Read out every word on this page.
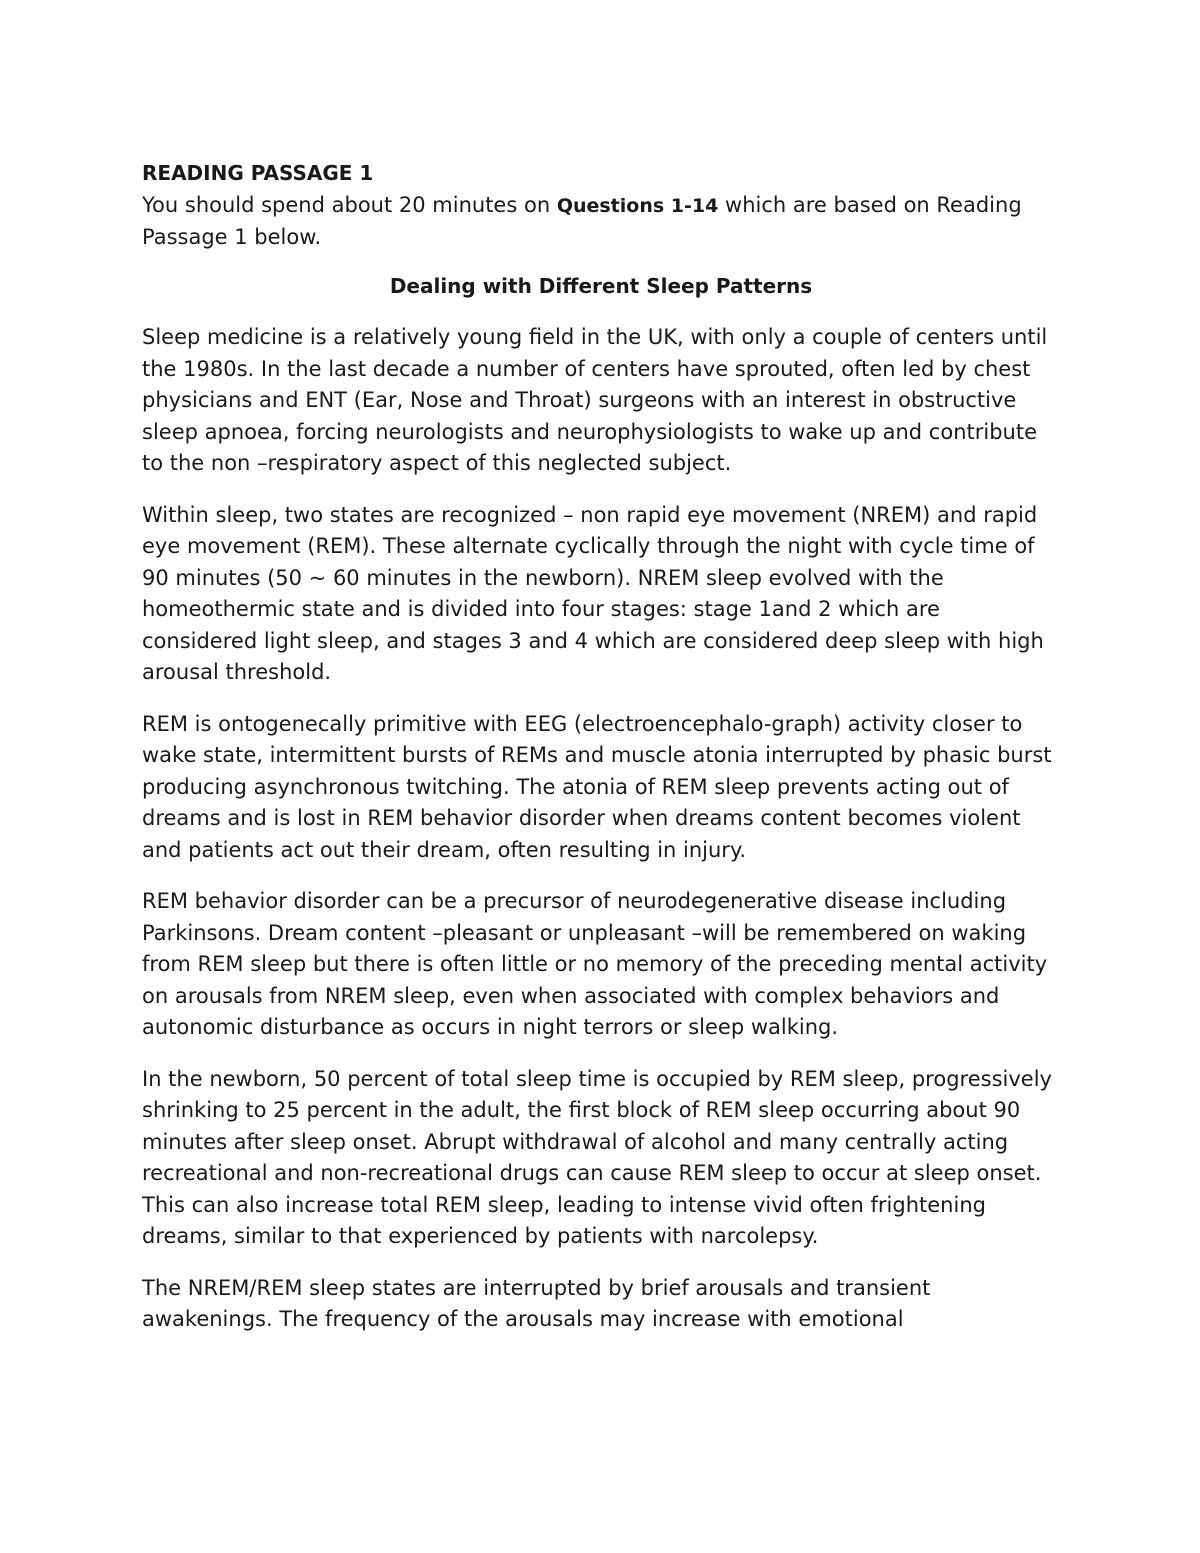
READING PASSAGE 1

You should spend about 20 minutes on Questions 1-14 which are based on Reading Passage 1 below.

Dealing with Different Sleep Patterns

Sleep medicine is a relatively young field in the UK, with only a couple of centers until the 1980s. In the last decade a number of centers have sprouted, often led by chest physicians and ENT (Ear, Nose and Throat) surgeons with an interest in obstructive sleep apnoea, forcing neurologists and neurophysiologists to wake up and contribute to the non –respiratory aspect of this neglected subject.

Within sleep, two states are recognized – non rapid eye movement (NREM) and rapid eye movement (REM). These alternate cyclically through the night with cycle time of 90 minutes (50 ~ 60 minutes in the newborn). NREM sleep evolved with the homeothermic state and is divided into four stages: stage 1and 2 which are considered light sleep, and stages 3 and 4 which are considered deep sleep with high arousal threshold.

REM is ontogenecally primitive with EEG (electroencephalo-graph) activity closer to wake state, intermittent bursts of REMs and muscle atonia interrupted by phasic burst producing asynchronous twitching. The atonia of REM sleep prevents acting out of dreams and is lost in REM behavior disorder when dreams content becomes violent and patients act out their dream, often resulting in injury.

REM behavior disorder can be a precursor of neurodegenerative disease including Parkinsons. Dream content –pleasant or unpleasant –will be remembered on waking from REM sleep but there is often little or no memory of the preceding mental activity on arousals from NREM sleep, even when associated with complex behaviors and autonomic disturbance as occurs in night terrors or sleep walking.

In the newborn, 50 percent of total sleep time is occupied by REM sleep, progressively shrinking to 25 percent in the adult, the first block of REM sleep occurring about 90 minutes after sleep onset. Abrupt withdrawal of alcohol and many centrally acting recreational and non-recreational drugs can cause REM sleep to occur at sleep onset. This can also increase total REM sleep, leading to intense vivid often frightening dreams, similar to that experienced by patients with narcolepsy.

The NREM/REM sleep states are interrupted by brief arousals and transient awakenings. The frequency of the arousals may increase with emotional
